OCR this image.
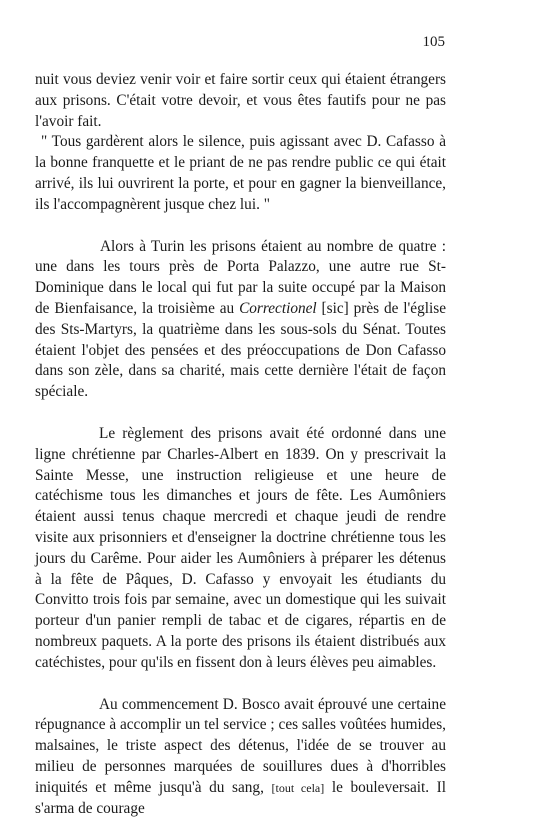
105

nuit vous deviez venir voir et faire sortir ceux qui étaient étrangers aux prisons. C'était votre devoir, et vous êtes fautifs pour ne pas l'avoir fait.

" Tous gardèrent alors le silence, puis agissant avec D. Cafasso à la bonne franquette et le priant de ne pas rendre public ce qui était arrivé, ils lui ouvrirent la porte, et pour en gagner la bienveillance, ils l'accompagnèrent jusque chez lui. "

Alors à Turin les prisons étaient au nombre de quatre : une dans les tours près de Porta Palazzo, une autre rue St-Dominique dans le local qui fut par la suite occupé par la Maison de Bienfaisance, la troisième au Correctionel [sic] près de l'église des Sts-Martyrs, la quatrième dans les sous-sols du Sénat. Toutes étaient l'objet des pensées et des préoccupations de Don Cafasso dans son zèle, dans sa charité, mais cette dernière l'était de façon spéciale.

Le règlement des prisons avait été ordonné dans une ligne chrétienne par Charles-Albert en 1839. On y prescrivait la Sainte Messe, une instruction religieuse et une heure de catéchisme tous les dimanches et jours de fête. Les Aumôniers étaient aussi tenus chaque mercredi et chaque jeudi de rendre visite aux prisonniers et d'enseigner la doctrine chrétienne tous les jours du Carême. Pour aider les Aumôniers à préparer les détenus à la fête de Pâques, D. Cafasso y envoyait les étudiants du Convitto trois fois par semaine, avec un domestique qui les suivait porteur d'un panier rempli de tabac et de cigares, répartis en de nombreux paquets. A la porte des prisons ils étaient distribués aux catéchistes, pour qu'ils en fissent don à leurs élèves peu aimables.

Au commencement D. Bosco avait éprouvé une certaine répugnance à accomplir un tel service ; ces salles voûtées humides, malsaines, le triste aspect des détenus, l'idée de se trouver au milieu de personnes marquées de souillures dues à d'horribles iniquités et même jusqu'à du sang, [tout cela] le bouleversait. Il s'arma de courage
